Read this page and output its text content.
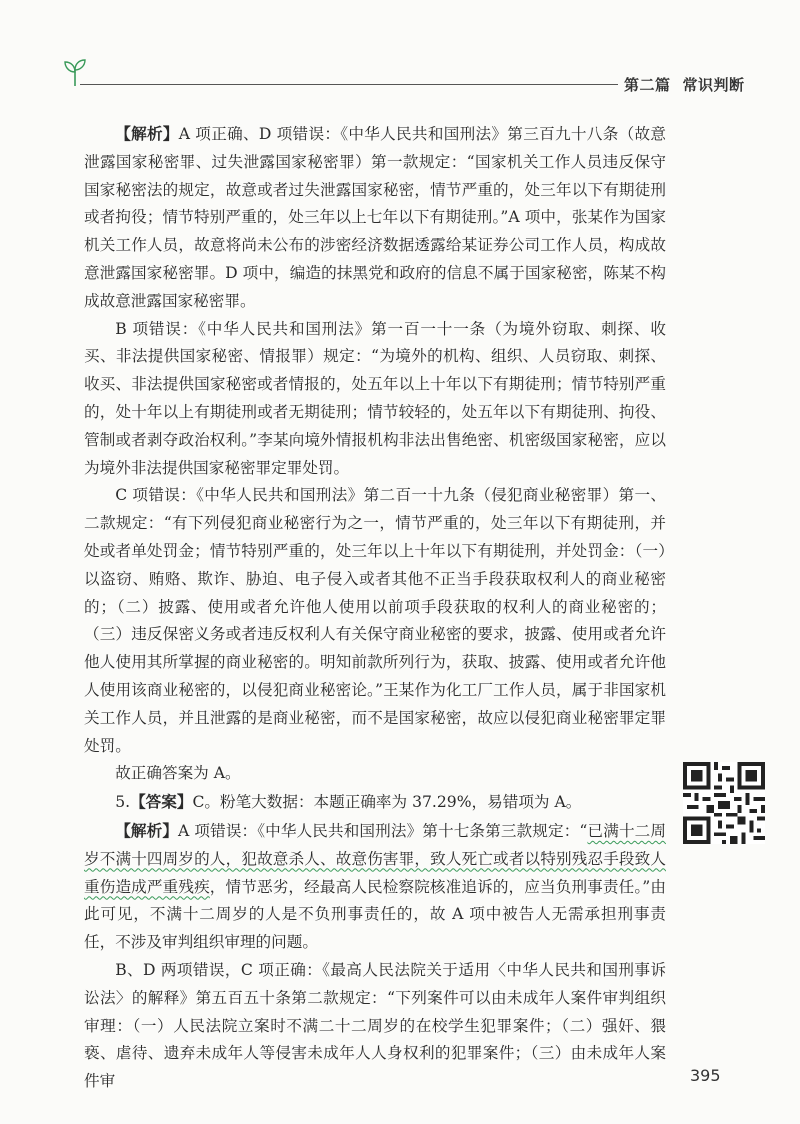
第二篇 常识判断

【解析】A 项正确、D 项错误：《中华人民共和国刑法》第三百九十八条（故意泄露国家秘密罪、过失泄露国家秘密罪）第一款规定：“国家机关工作人员违反保守国家秘密法的规定，故意或者过失泄露国家秘密，情节严重的，处三年以下有期徒刑或者拘役；情节特别严重的，处三年以上七年以下有期徒刑。”A 项中，张某作为国家机关工作人员，故意将尚未公布的涉密经济数据透露给某证券公司工作人员，构成故意泄露国家秘密罪。D 项中，编造的抹黑党和政府的信息不属于国家秘密，陈某不构成故意泄露国家秘密罪。

B 项错误：《中华人民共和国刑法》第一百一十一条（为境外窃取、刺探、收买、非法提供国家秘密、情报罪）规定：“为境外的机构、组织、人员窃取、刺探、收买、非法提供国家秘密或者情报的，处五年以上十年以下有期徒刑；情节特别严重的，处十年以上有期徒刑或者无期徒刑；情节较轻的，处五年以下有期徒刑、拘役、管制或者剥夺政治权利。”李某向境外情报机构非法出售绝密、机密级国家秘密，应以为境外非法提供国家秘密罪定罪处罚。

C 项错误：《中华人民共和国刑法》第二百一十九条（侵犯商业秘密罪）第一、二款规定：“有下列侵犯商业秘密行为之一，情节严重的，处三年以下有期徒刑，并处或者单处罚金；情节特别严重的，处三年以上十年以下有期徒刑，并处罚金：（一）以盗窃、贿赂、欺诈、胁迫、电子侵入或者其他不正当手段获取权利人的商业秘密的；（二）披露、使用或者允许他人使用以前项手段获取的权利人的商业秘密的；（三）违反保密义务或者违反权利人有关保守商业秘密的要求，披露、使用或者允许他人使用其所掌握的商业秘密的。明知前款所列行为，获取、披露、使用或者允许他人使用该商业秘密的，以侵犯商业秘密论。”王某作为化工厂工作人员，属于非国家机关工作人员，并且泄露的是商业秘密，而不是国家秘密，故应以侵犯商业秘密罪定罪处罚。

故正确答案为 A。

5.【答案】C。粉笔大数据：本题正确率为 37.29%，易错项为 A。

【解析】A 项错误：《中华人民共和国刑法》第十七条第三款规定：“已满十二周岁不满十四周岁的人，犯故意杀人、故意伤害罪，致人死亡或者以特别残忍手段致人重伤造成严重残疾，情节恶劣，经最高人民检察院核准追诉的，应当负刑事责任。”由此可见，不满十二周岁的人是不负刑事责任的，故 A 项中被告人无需承担刑事责任，不涉及审判组织审理的问题。

B、D 两项错误，C 项正确：《最高人民法院关于适用〈中华人民共和国刑事诉讼法〉的解释》第五百五十条第二款规定：“下列案件可以由未成年人案件审判组织审理：（一）人民法院立案时不满二十二周岁的在校学生犯罪案件；（二）强奸、猥亵、虐待、遗弃未成年人等侵害未成年人人身权利的犯罪案件；（三）由未成年人案件审	395
